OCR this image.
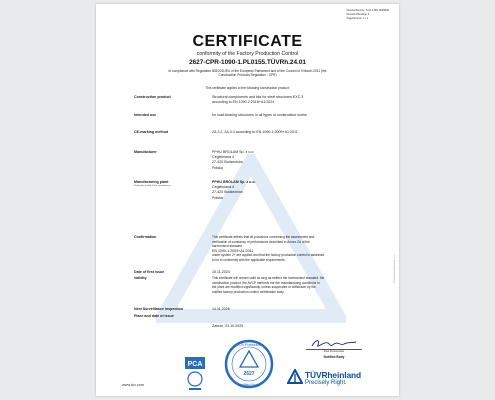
Number/Numer: 72-8 3-MN-0045999
Revision/Rewizja: 0
Page/Strona: 1 z 1
CERTIFICATE
conformity of the Factory Production Control
2627-CPR-1090-1.PL0155.TÜVRh.24.01
In compliance with Regulation 305/2011/EU of the European Parliament and of the Council of 9 March 2011 (the
Construction Products Regulation - CPR)
This certificate applies to the following construction product:
Construction product	Structural components and kits for steel structures EXC 3
according to EN 1090-2:2018+A1:2024 .
Intended use	for load-bearing structures in all types of construction works
CE-marking method	2A.3.2, 2A.3.4 according to EN 1090-1:2009+A1:2011
Manufacturer	PPHU BROLAM Sp. z o.o.
Cegielniana 4
27-420 Bodzechów
Polska
Manufacturing plant
Production facility of the manufacturer
PPHU BROLAM Sp. z o.o.
Cegielniana 4
27-420 Bodzechów
Polska
Confirmation	This certificate attests that all provisions concerning the assessment and
verification of constancy of performance described in Annex ZA of the
harmonised standard
EN 1090-1:2009+A1:2011
under system 2+ are applied and that the factory production control is assessed
to be in conformity with the applicable requirements.
Date of first issue	15.11.2024
Validity	This certificate will remain valid as long as neither the harmonised standard, the
construction product, the AVCP methods nor the manufacturing conditions in
the plant are modified significantly, unless suspended or withdrawn by the
notified factory production control certification body.
Next Surveillance Inspection	14.11.2026
Place and date of issue

Zabrze, 23.10.2025

Ewa Krzanowska
Notified Body
PCA
2627
TÜV Rheinland
Notified Body
TÜVRheinland
Precisely Right.
www.tuv.com
TÜV Rheinland Polska Sp. z o.o.
